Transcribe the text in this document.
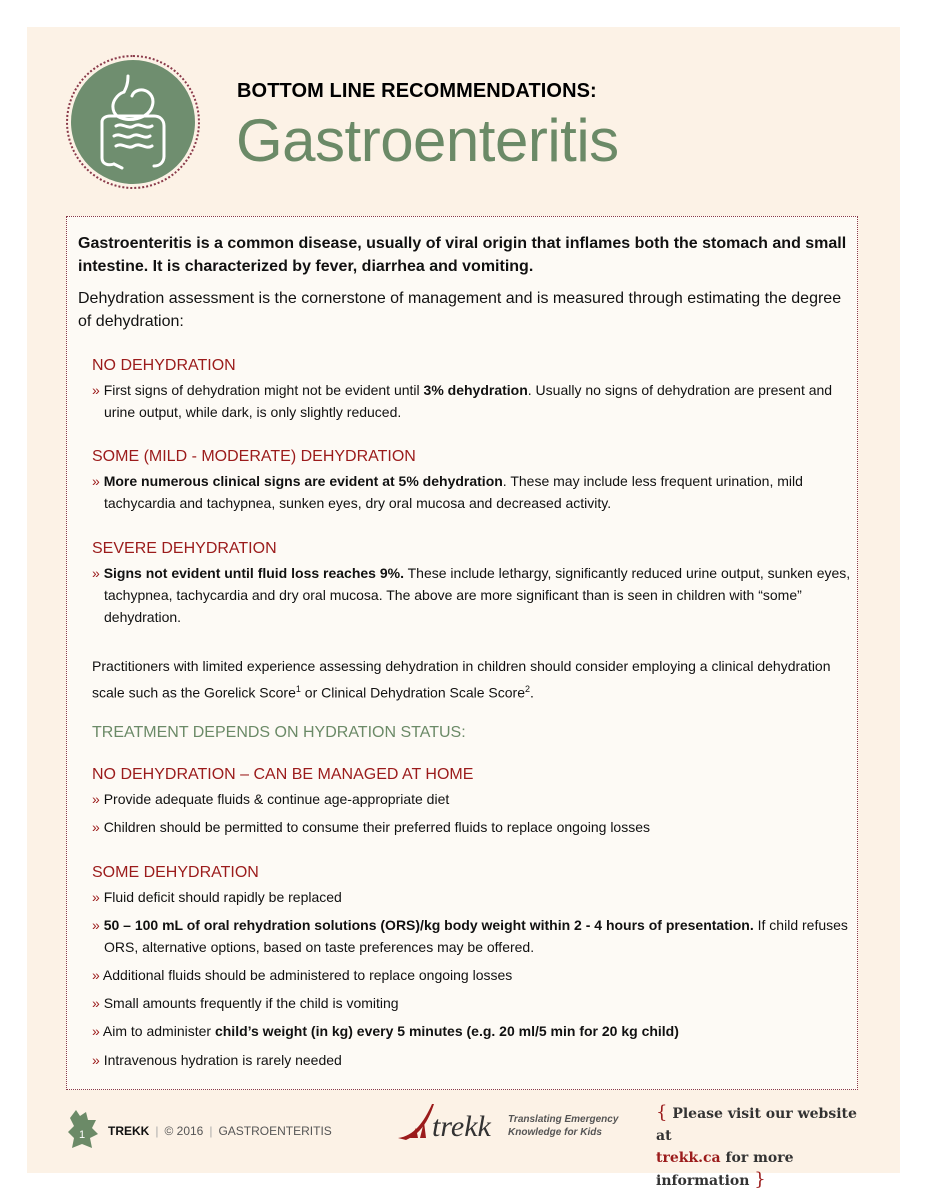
BOTTOM LINE RECOMMENDATIONS:
Gastroenteritis

Gastroenteritis is a common disease, usually of viral origin that inflames both the stomach and small intestine. It is characterized by fever, diarrhea and vomiting.

Dehydration assessment is the cornerstone of management and is measured through estimating the degree of dehydration:

NO DEHYDRATION

» First signs of dehydration might not be evident until 3% dehydration. Usually no signs of dehydration are present and urine output, while dark, is only slightly reduced.

SOME (MILD - MODERATE) DEHYDRATION

» More numerous clinical signs are evident at 5% dehydration. These may include less frequent urination, mild tachycardia and tachypnea, sunken eyes, dry oral mucosa and decreased activity.

SEVERE DEHYDRATION

» Signs not evident until fluid loss reaches 9%. These include lethargy, significantly reduced urine output, sunken eyes, tachypnea, tachycardia and dry oral mucosa. The above are more significant than is seen in children with “some” dehydration.

Practitioners with limited experience assessing dehydration in children should consider employing a clinical dehydration scale such as the Gorelick Score$^1$ or Clinical Dehydration Scale Score$^2$.

TREATMENT DEPENDS ON HYDRATION STATUS:

NO DEHYDRATION – CAN BE MANAGED AT HOME

» Provide adequate fluids & continue age-appropriate diet

» Children should be permitted to consume their preferred fluids to replace ongoing losses

SOME DEHYDRATION

» Fluid deficit should rapidly be replaced

» 50 – 100 mL of oral rehydration solutions (ORS)/kg body weight within 2 - 4 hours of presentation. If child refuses ORS, alternative options, based on taste preferences may be offered.

» Additional fluids should be administered to replace ongoing losses

» Small amounts frequently if the child is vomiting

» Aim to administer child’s weight (in kg) every 5 minutes (e.g. 20 ml/5 min for 20 kg child)

» Intravenous hydration is rarely needed

1 TREKK | © 2016 | GASTROENTERITIS	trekk Translating Emergency
Knowledge for Kids
{ Please visit our website at
trekk.ca for more information }
